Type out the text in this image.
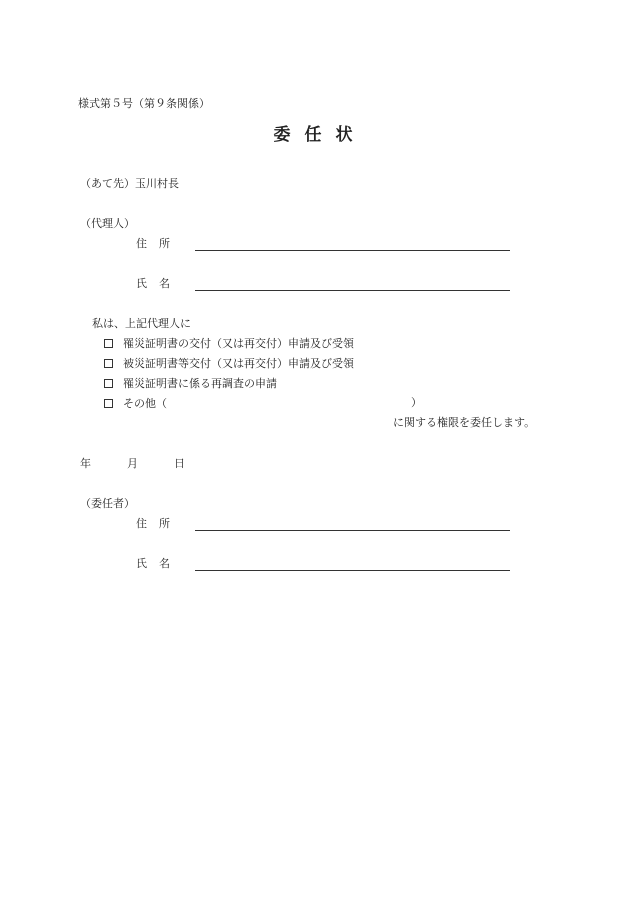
様式第５号（第９条関係）
委任状
（あて先）玉川村長
（代理人）
住所
氏名
私は、上記代理人に
罹災証明書の交付（又は再交付）申請及び受領
被災証明書等交付（又は再交付）申請及び受領
罹災証明書に係る再調査の申請
その他（	）
に関する権限を委任します。
年	月	日
（委任者）
住所
氏名
